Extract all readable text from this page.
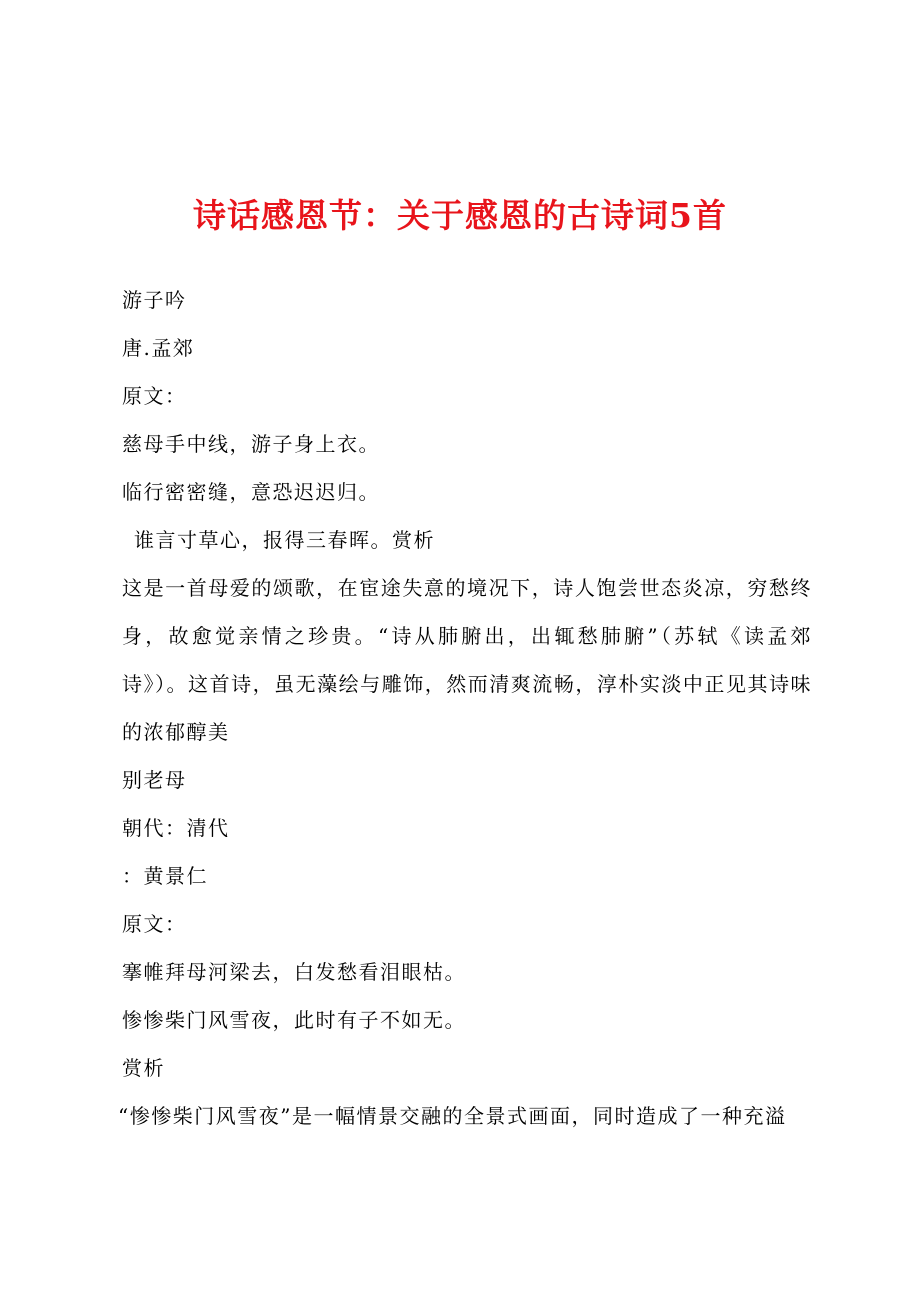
诗话感恩节：关于感恩的古诗词5首

游子吟

唐.孟郊

原文：

慈母手中线，游子身上衣。

临行密密缝，意恐迟迟归。

谁言寸草心，报得三春晖。赏析

这是一首母爱的颂歌，在宦途失意的境况下，诗人饱尝世态炎凉，穷愁终身，故愈觉亲情之珍贵。“诗从肺腑出，出辄愁肺腑”（苏轼《读孟郊诗》）。这首诗，虽无藻绘与雕饰，然而清爽流畅，淳朴实淡中正见其诗味的浓郁醇美

别老母

朝代：清代

：黄景仁

原文：

搴帷拜母河梁去，白发愁看泪眼枯。

惨惨柴门风雪夜，此时有子不如无。

赏析

“惨惨柴门风雪夜”是一幅情景交融的全景式画面，同时造成了一种充溢
